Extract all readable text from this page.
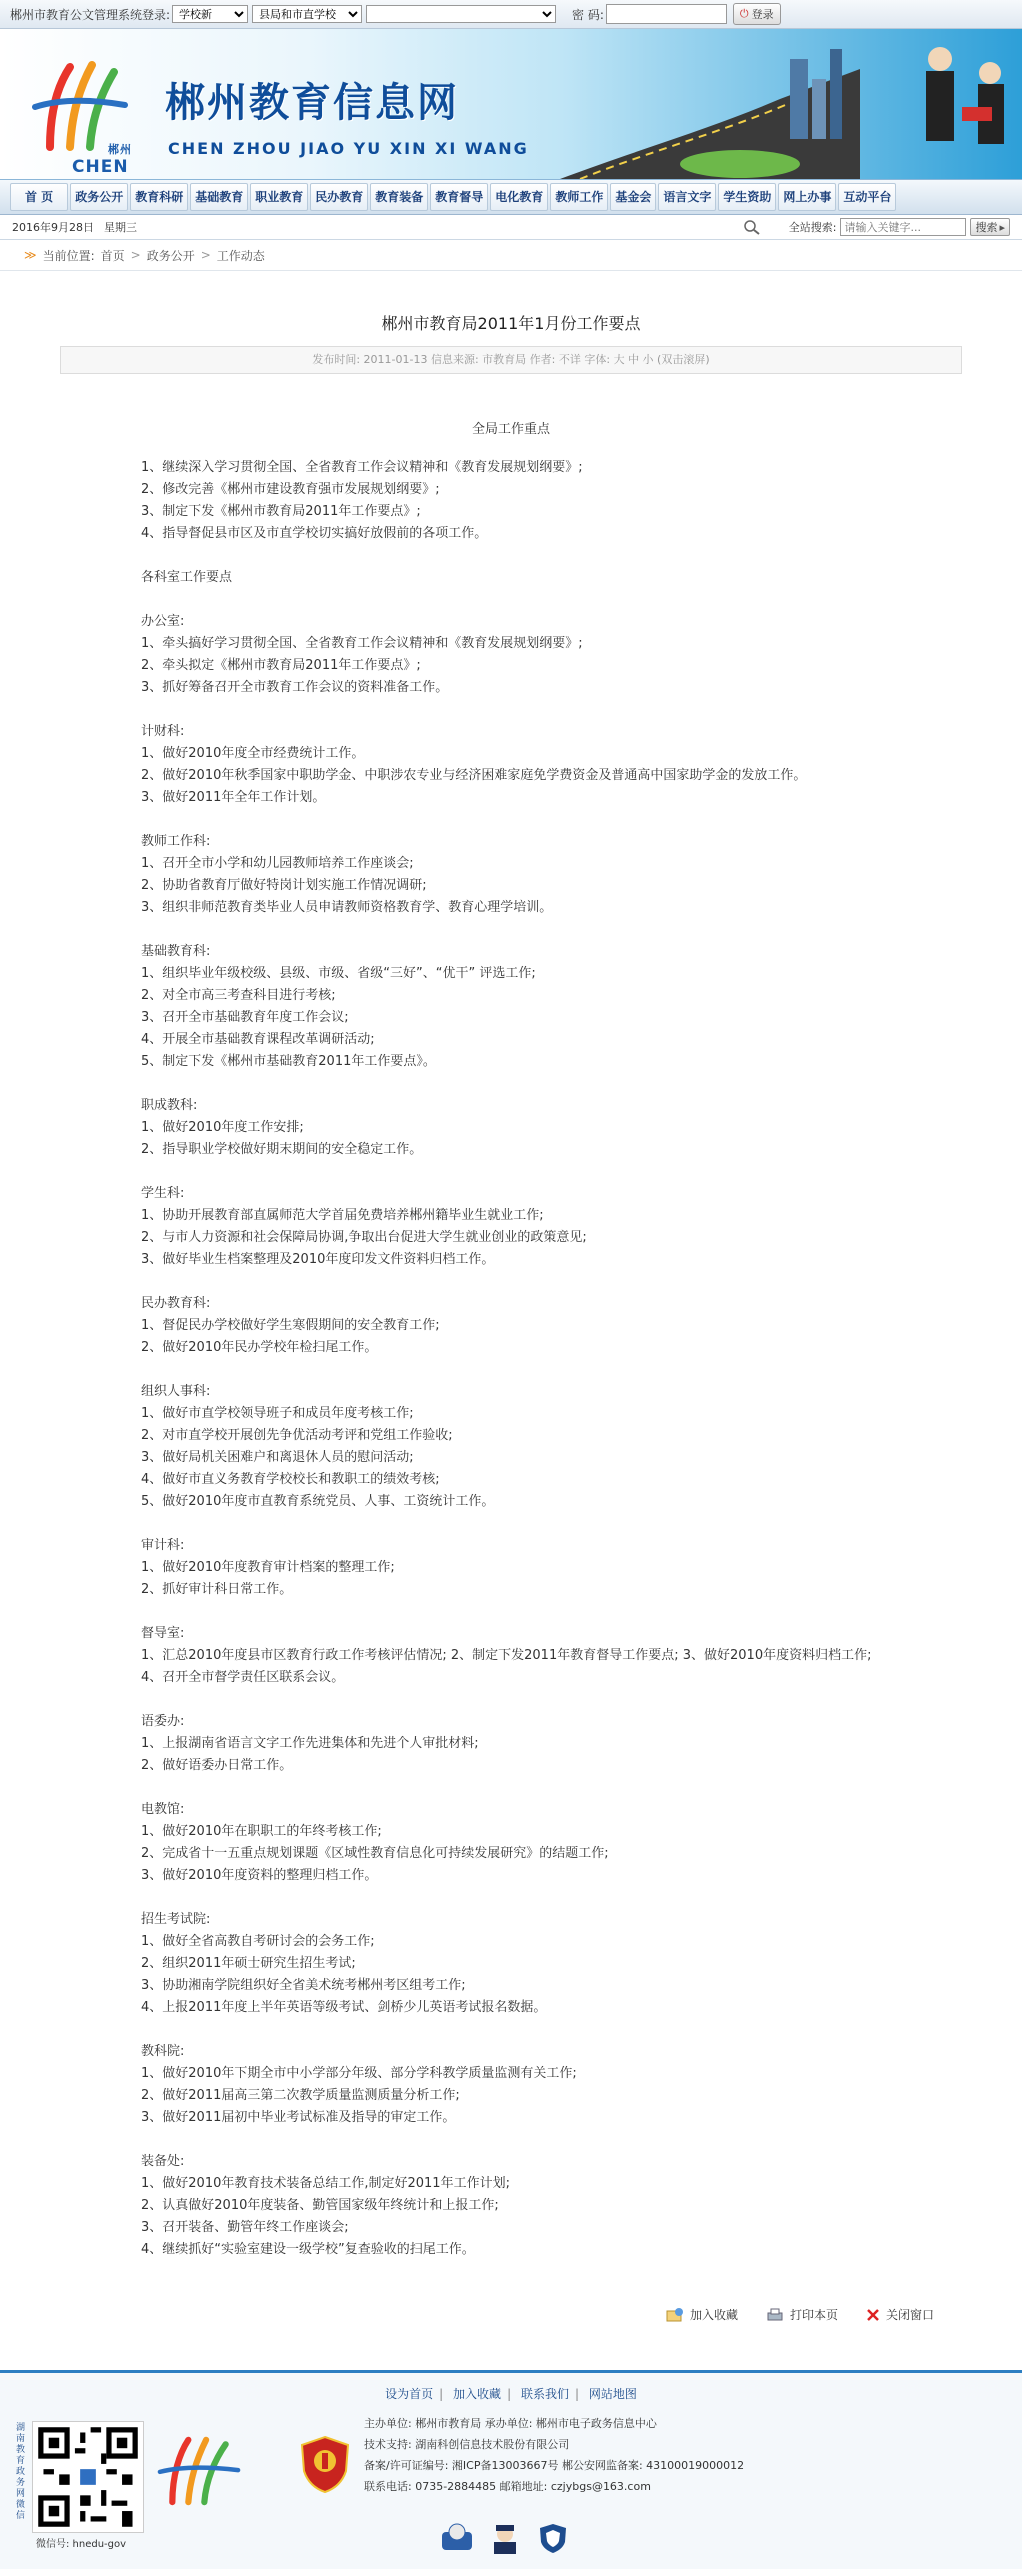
郴州市教育公文管理系统登录:
学校新
县局和市直学校	密 码:	⏻ 登录
郴州
CHEN
郴州教育信息网
CHEN ZHOU JIAO YU XIN XI WANG
首 页	政务公开	教育科研	基础教育	职业教育	民办教育	教育装备	教育督导	电化教育	教师工作	基金会	语言文字	学生资助	网上办事	互动平台
2016年9月28日 星期三	全站搜索:
请输入关键字...	搜索 ▸
≫ 当前位置: 首页 > 政务公开 > 工作动态
郴州市教育局2011年1月份工作要点
发布时间: 2011-01-13 信息来源: 市教育局 作者: 不详 字体: 大 中 小 (双击滚屏)
全局工作重点
1、继续深入学习贯彻全国、全省教育工作会议精神和《教育发展规划纲要》;
2、修改完善《郴州市建设教育强市发展规划纲要》;
3、制定下发《郴州市教育局2011年工作要点》;
4、指导督促县市区及市直学校切实搞好放假前的各项工作。
各科室工作要点
办公室:
1、牵头搞好学习贯彻全国、全省教育工作会议精神和《教育发展规划纲要》;
2、牵头拟定《郴州市教育局2011年工作要点》;
3、抓好筹备召开全市教育工作会议的资料准备工作。
计财科:
1、做好2010年度全市经费统计工作。
2、做好2010年秋季国家中职助学金、中职涉农专业与经济困难家庭免学费资金及普通高中国家助学金的发放工作。
3、做好2011年全年工作计划。
教师工作科:
1、召开全市小学和幼儿园教师培养工作座谈会;
2、协助省教育厅做好特岗计划实施工作情况调研;
3、组织非师范教育类毕业人员申请教师资格教育学、教育心理学培训。
基础教育科:
1、组织毕业年级校级、县级、市级、省级“三好”、“优干” 评选工作;
2、对全市高三考查科目进行考核;
3、召开全市基础教育年度工作会议;
4、开展全市基础教育课程改革调研活动;
5、制定下发《郴州市基础教育2011年工作要点》。
职成教科:
1、做好2010年度工作安排;
2、指导职业学校做好期末期间的安全稳定工作。
学生科:
1、协助开展教育部直属师范大学首届免费培养郴州籍毕业生就业工作;
2、与市人力资源和社会保障局协调,争取出台促进大学生就业创业的政策意见;
3、做好毕业生档案整理及2010年度印发文件资料归档工作。
民办教育科:
1、督促民办学校做好学生寒假期间的安全教育工作;
2、做好2010年民办学校年检扫尾工作。
组织人事科:
1、做好市直学校领导班子和成员年度考核工作;
2、对市直学校开展创先争优活动考评和党组工作验收;
3、做好局机关困难户和离退休人员的慰问活动;
4、做好市直义务教育学校校长和教职工的绩效考核;
5、做好2010年度市直教育系统党员、人事、工资统计工作。
审计科:
1、做好2010年度教育审计档案的整理工作;
2、抓好审计科日常工作。
督导室:
1、汇总2010年度县市区教育行政工作考核评估情况; 2、制定下发2011年教育督导工作要点; 3、做好2010年度资料归档工作; 4、召开全市督学责任区联系会议。
语委办:
1、上报湖南省语言文字工作先进集体和先进个人审批材料;
2、做好语委办日常工作。
电教馆:
1、做好2010年在职职工的年终考核工作;
2、完成省十一五重点规划课题《区域性教育信息化可持续发展研究》的结题工作;
3、做好2010年度资料的整理归档工作。
招生考试院:
1、做好全省高教自考研讨会的会务工作;
2、组织2011年硕士研究生招生考试;
3、协助湘南学院组织好全省美术统考郴州考区组考工作;
4、上报2011年度上半年英语等级考试、剑桥少儿英语考试报名数据。
教科院:
1、做好2010年下期全市中小学部分年级、部分学科教学质量监测有关工作;
2、做好2011届高三第二次教学质量监测质量分析工作;
3、做好2011届初中毕业考试标准及指导的审定工作。
装备处:
1、做好2010年教育技术装备总结工作,制定好2011年工作计划;
2、认真做好2010年度装备、勤管国家级年终统计和上报工作;
3、召开装备、勤管年终工作座谈会;
4、继续抓好“实验室建设一级学校”复查验收的扫尾工作。
加入收藏	打印本页	关闭窗口
设为首页 | 加入收藏 | 联系我们 | 网站地图
湖南教育政务网微信
微信号: hnedu-gov
主办单位: 郴州市教育局 承办单位: 郴州市电子政务信息中心
技术支持: 湖南科创信息技术股份有限公司
备案/许可证编号: 湘ICP备13003667号 郴公安网监备案: 43100019000012
联系电话: 0735-2884485 邮箱地址: czjybgs@163.com
